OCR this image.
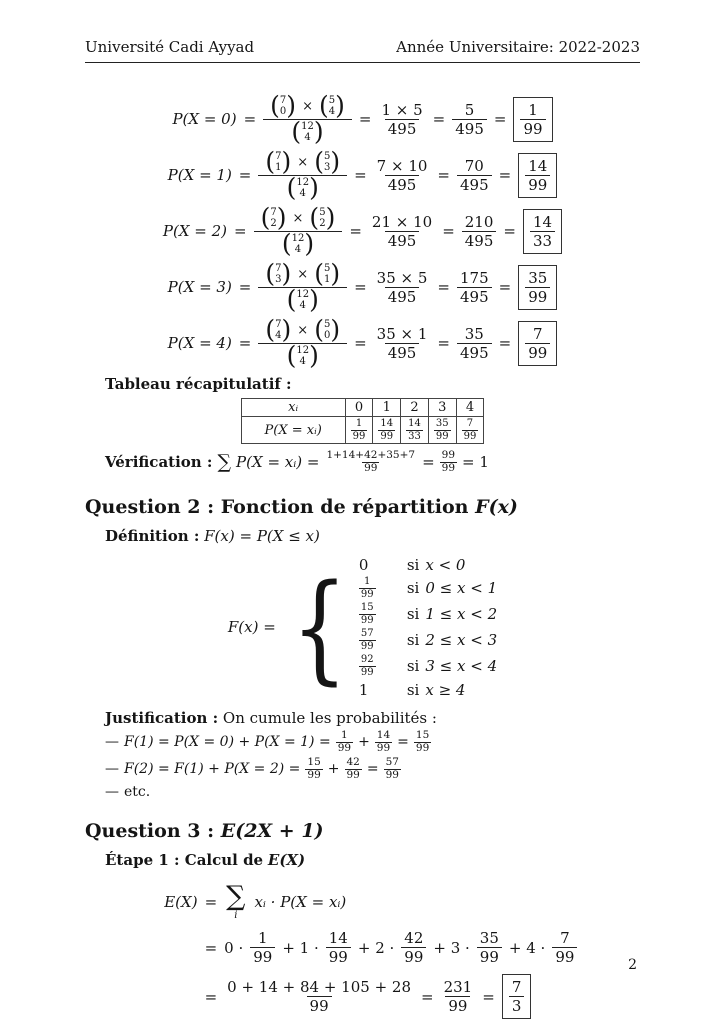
Université Cadi Ayyad	Année Universitaire: 2022-2023
P(X = 0) = ( 7
0 ) × ( 5
4 )
( 12
4 ) = $\frac{1 \times 5}{495} = \frac{5}{495} = \frac{1}{99}$
P(X = 1) = ( 7
1 ) × ( 5
3 )
( 12
4 ) = $\frac{7 \times 10}{495} = \frac{70}{495} = \frac{14}{99}$
P(X = 2) = ( 7
2 ) × ( 5
2 )
( 12
4 ) = $\frac{21 \times 10}{495} = \frac{210}{495} = \frac{14}{33}$
P(X = 3) = ( 7
3 ) × ( 5
1 )
( 12
4 ) = $\frac{35 \times 5}{495} = \frac{175}{495} = \frac{35}{99}$
P(X = 4) = ( 7
4 ) × ( 5
0 )
( 12
4 ) = $\frac{35 \times 1}{495} = \frac{35}{495} = \frac{7}{99}$
Tableau récapitulatif :
xᵢ	0	1	2	3	4
P(X = xᵢ)	$\frac{1}{99}$	$\frac{14}{99}$	$\frac{14}{33}$	$\frac{35}{99}$	$\frac{7}{99}$
Vérification : ∑ P(X = xᵢ) = $\frac{1+14+42+35+7}{99} = \frac{99}{99} = 1$
Question 2 : Fonction de répartition F(x)
Définition : F(x) = P(X ≤ x)
F(x) = { 0	si x < 0
$\frac{1}{99}$ si 0 ≤ x < 1
$\frac{15}{99}$ si 1 ≤ x < 2
$\frac{57}{99}$ si 2 ≤ x < 3
$\frac{92}{99}$ si 3 ≤ x < 4
1	si x ≥ 4
Justification : On cumule les probabilités :
— $F(1) = P(X = 0) + P(X = 1) = \frac{1}{99} + \frac{14}{99} = \frac{15}{99}$
— $F(2) = F(1) + P(X = 2) = \frac{15}{99} + \frac{42}{99} = \frac{57}{99}$
— etc.
Question 3 : E(2X + 1)
Étape 1 : Calcul de E(X)
E(X) = ∑
i
xᵢ · P(X = xᵢ)
= $0 \cdot \frac{1}{99} + 1 \cdot \frac{14}{99} + 2 \cdot \frac{42}{99} + 3 \cdot \frac{35}{99} + 4 \cdot \frac{7}{99}$
= $\frac{0 + 14 + 84 + 105 + 28}{99} = \frac{231}{99} = \frac{7}{3}$
2
